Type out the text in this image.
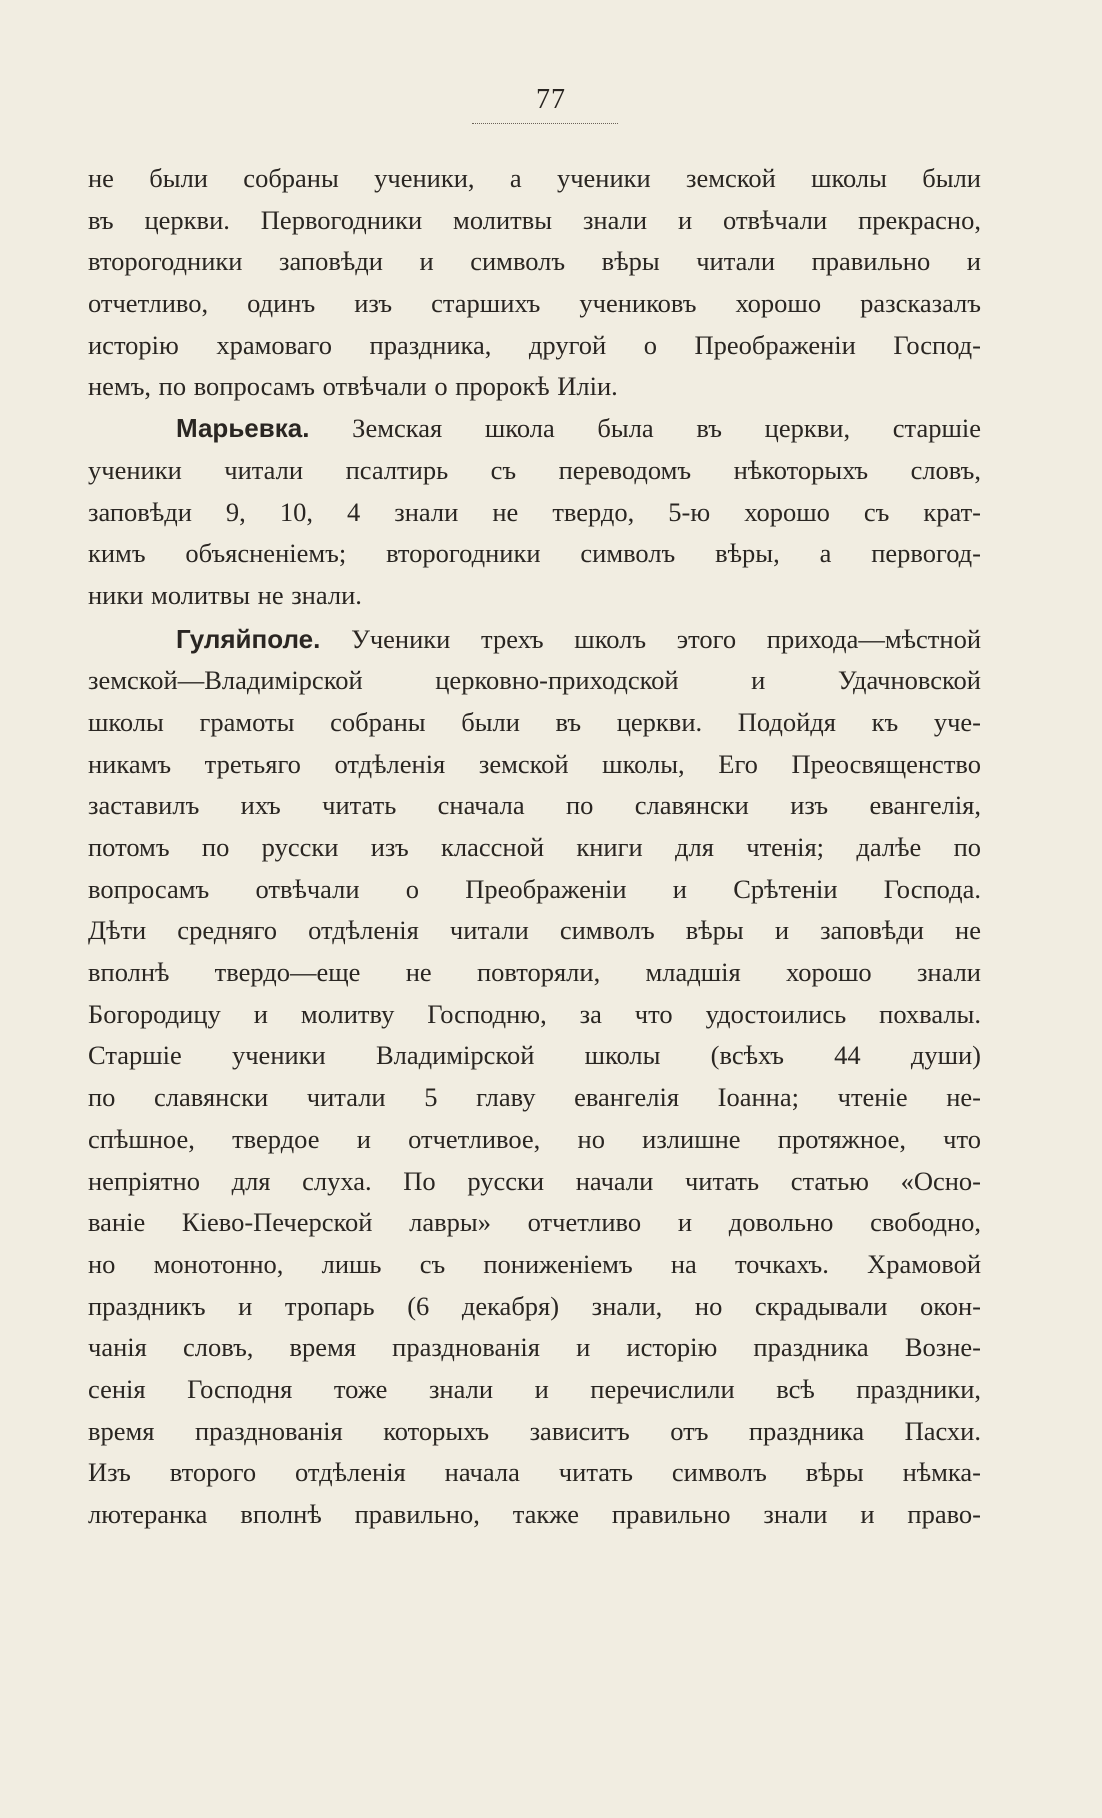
77
не были собраны ученики, а ученики земской школы были
въ церкви. Первогодники молитвы знали и отвѣчали прекрасно,
второгодники заповѣди и символъ вѣры читали правильно и
отчетливо, одинъ изъ старшихъ учениковъ хорошо разсказалъ
исторію храмоваго праздника, другой о Преображеніи Господ-
немъ, по вопросамъ отвѣчали о пророкѣ Иліи.
Марьевка. Земская школа была въ церкви, старшіе
ученики читали псалтирь съ переводомъ нѣкоторыхъ словъ,
заповѣди 9, 10, 4 знали не твердо, 5-ю хорошо съ крат-
кимъ объясненіемъ; второгодники символъ вѣры, а первогод-
ники молитвы не знали.
Гуляйполе. Ученики трехъ школъ этого прихода—мѣстной
земской—Владимірской церковно-приходской и Удачновской
школы грамоты собраны были въ церкви. Подойдя къ уче-
никамъ третьяго отдѣленія земской школы, Его Преосвященство
заставилъ ихъ читать сначала по славянски изъ евангелія,
потомъ по русски изъ классной книги для чтенія; далѣе по
вопросамъ отвѣчали о Преображеніи и Срѣтеніи Господа.
Дѣти средняго отдѣленія читали символъ вѣры и заповѣди не
вполнѣ твердо—еще не повторяли, младшія хорошо знали
Богородицу и молитву Господню, за что удостоились похвалы.
Старшіе ученики Владимірской школы (всѣхъ 44 души)
по славянски читали 5 главу евангелія Іоанна; чтеніе не-
спѣшное, твердое и отчетливое, но излишне протяжное, что
непріятно для слуха. По русски начали читать статью «Осно-
ваніе Кіево-Печерской лавры» отчетливо и довольно свободно,
но монотонно, лишь съ пониженіемъ на точкахъ. Храмовой
праздникъ и тропарь (6 декабря) знали, но скрадывали окон-
чанія словъ, время празднованія и исторію праздника Возне-
сенія Господня тоже знали и перечислили всѣ праздники,
время празднованія которыхъ зависитъ отъ праздника Пасхи.
Изъ второго отдѣленія начала читать символъ вѣры нѣмка-
лютеранка вполнѣ правильно, также правильно знали и право-
